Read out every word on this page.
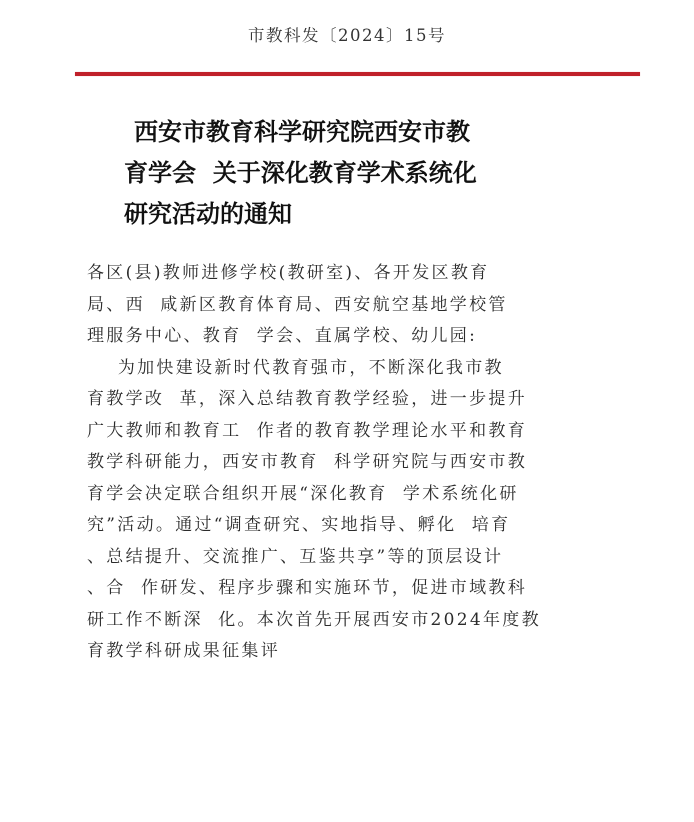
市教科发〔2024〕15号
西安市教育科学研究院西安市教
育学会  关于深化教育学术系统化
研究活动的通知
各区(县)教师进修学校(教研室)、各开发区教育
局、西  咸新区教育体育局、西安航空基地学校管
理服务中心、教育  学会、直属学校、幼儿园:
为加快建设新时代教育强市，不断深化我市教
育教学改  革，深入总结教育教学经验，进一步提升
广大教师和教育工  作者的教育教学理论水平和教育
教学科研能力，西安市教育  科学研究院与西安市教
育学会决定联合组织开展“深化教育  学术系统化研
究”活动。通过“调查研究、实地指导、孵化  培育
、总结提升、交流推广、互鉴共享”等的顶层设计
、合  作研发、程序步骤和实施环节，促进市域教科
研工作不断深  化。本次首先开展西安市2024年度教
育教学科研成果征集评
